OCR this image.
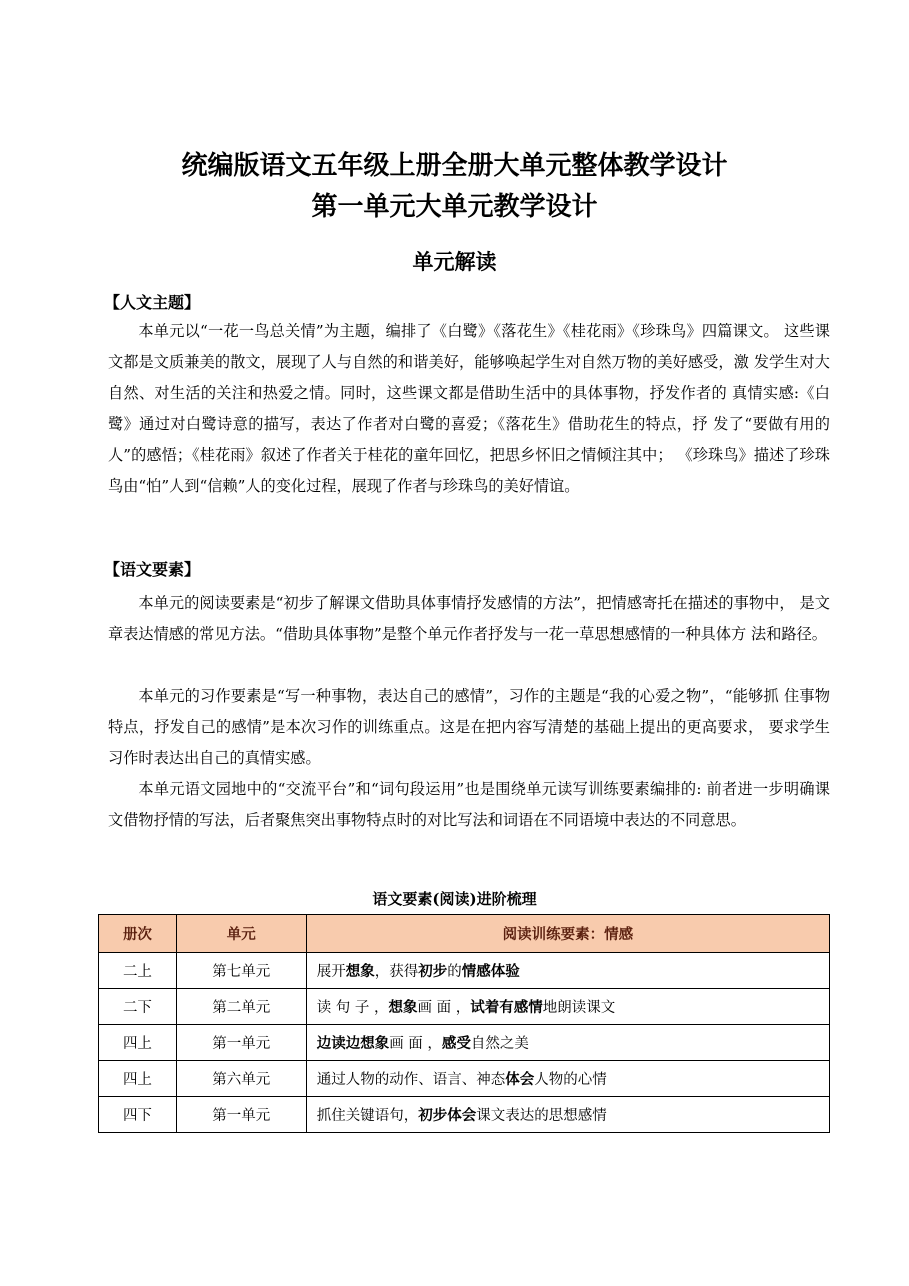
统编版语文五年级上册全册大单元整体教学设计
第一单元大单元教学设计
单元解读
【人文主题】

本单元以“一花一鸟总关情”为主题，编排了《白鹭》《落花生》《桂花雨》《珍珠鸟》四篇课文。 这些课文都是文质兼美的散文，展现了人与自然的和谐美好，能够唤起学生对自然万物的美好感受，激 发学生对大自然、对生活的关注和热爱之情。同时，这些课文都是借助生活中的具体事物，抒发作者的 真情实感:《白鹭》通过对白鹭诗意的描写，表达了作者对白鹭的喜爱；《落花生》借助花生的特点，抒 发了“要做有用的人”的感悟；《桂花雨》叙述了作者关于桂花的童年回忆，把思乡怀旧之情倾注其中； 《珍珠鸟》描述了珍珠鸟由“怕”人到“信赖”人的变化过程，展现了作者与珍珠鸟的美好情谊。

【语文要素】

本单元的阅读要素是“初步了解课文借助具体事情抒发感情的方法”，把情感寄托在描述的事物中， 是文章表达情感的常见方法。“借助具体事物”是整个单元作者抒发与一花一草思想感情的一种具体方 法和路径。

本单元的习作要素是“写一种事物，表达自己的感情”，习作的主题是“我的心爱之物”，“能够抓 住事物特点，抒发自己的感情”是本次习作的训练重点。这是在把内容写清楚的基础上提出的更高要求， 要求学生习作时表达出自己的真情实感。

本单元语文园地中的“交流平台”和“词句段运用”也是围绕单元读写训练要素编排的: 前者进一步明确课文借物抒情的写法，后者聚焦突出事物特点时的对比写法和词语在不同语境中表达的不同意思。

语文要素(阅读)进阶梳理
册次	单元	阅读训练要素：情感
二上	第七单元	展开想象，获得初步的情感体验
二下	第二单元	读 句 子 ，想象画 面 ，试着有感情地朗读课文
四上	第一单元	边读边想象画 面 ，感受自然之美
四上	第六单元	通过人物的动作、语言、神态体会人物的心情
四下	第一单元	抓住关键语句，初步体会课文表达的思想感情
